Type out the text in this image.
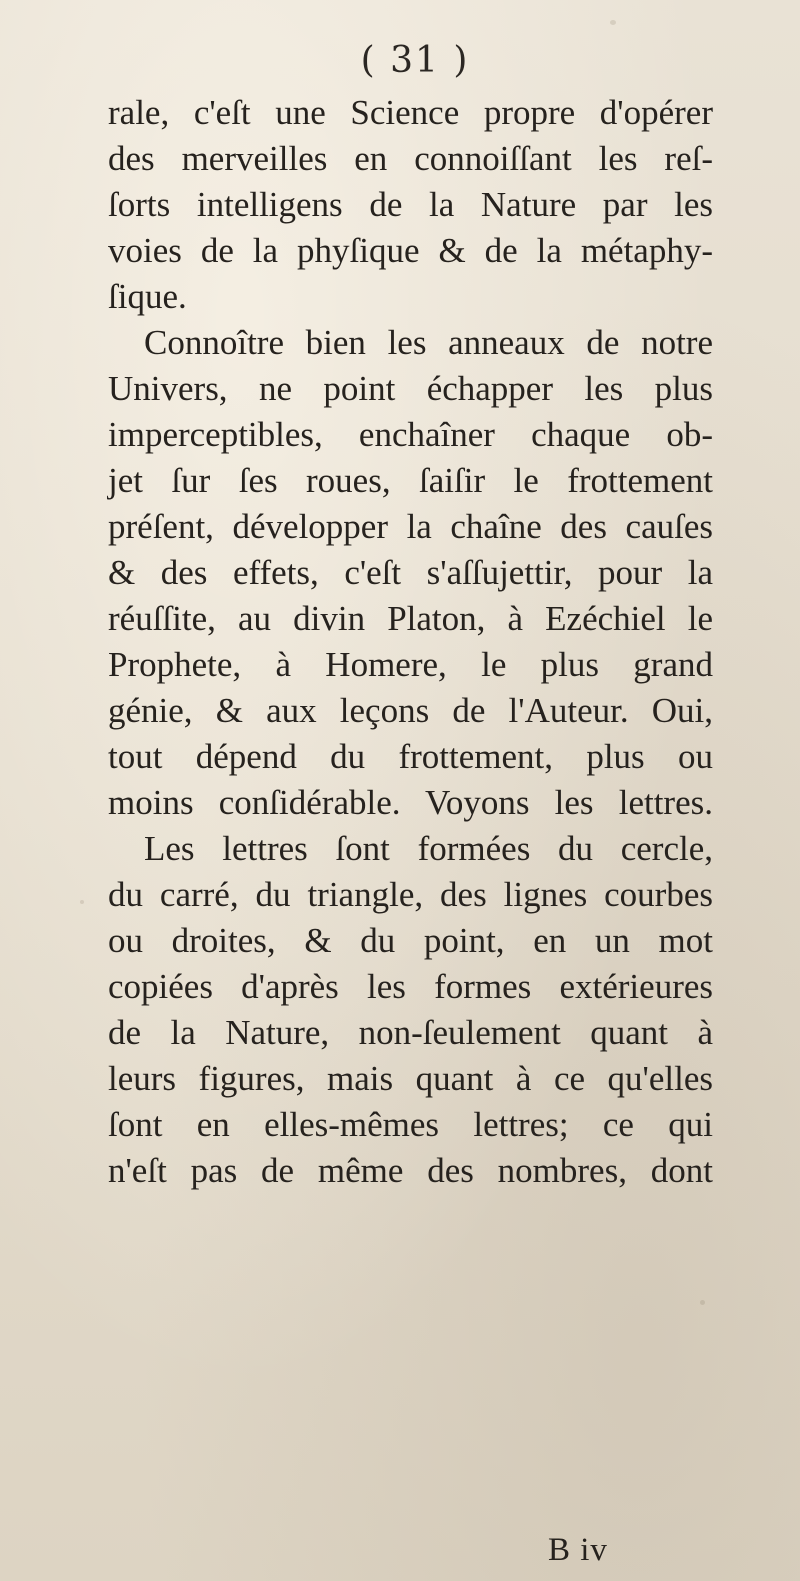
( 31 )
rale, c'eſt une Science propre d'opérer
des merveilles en connoiſſant les reſ-
ſorts intelligens de la Nature par les
voies de la phyſique & de la métaphy-
ſique.
Connoître bien les anneaux de notre
Univers, ne point échapper les plus
imperceptibles, enchaîner chaque ob-
jet ſur ſes roues, ſaiſir le frottement
préſent, développer la chaîne des cauſes
& des effets, c'eſt s'aſſujettir, pour la
réuſſite, au divin Platon, à Ezéchiel le
Prophete, à Homere, le plus grand
génie, & aux leçons de l'Auteur. Oui,
tout dépend du frottement, plus ou
moins conſidérable. Voyons les lettres.
Les lettres ſont formées du cercle,
du carré, du triangle, des lignes courbes
ou droites, & du point, en un mot
copiées d'après les formes extérieures
de la Nature, non-ſeulement quant à
leurs figures, mais quant à ce qu'elles
ſont en elles-mêmes lettres; ce qui
n'eſt pas de même des nombres, dont
B iv
